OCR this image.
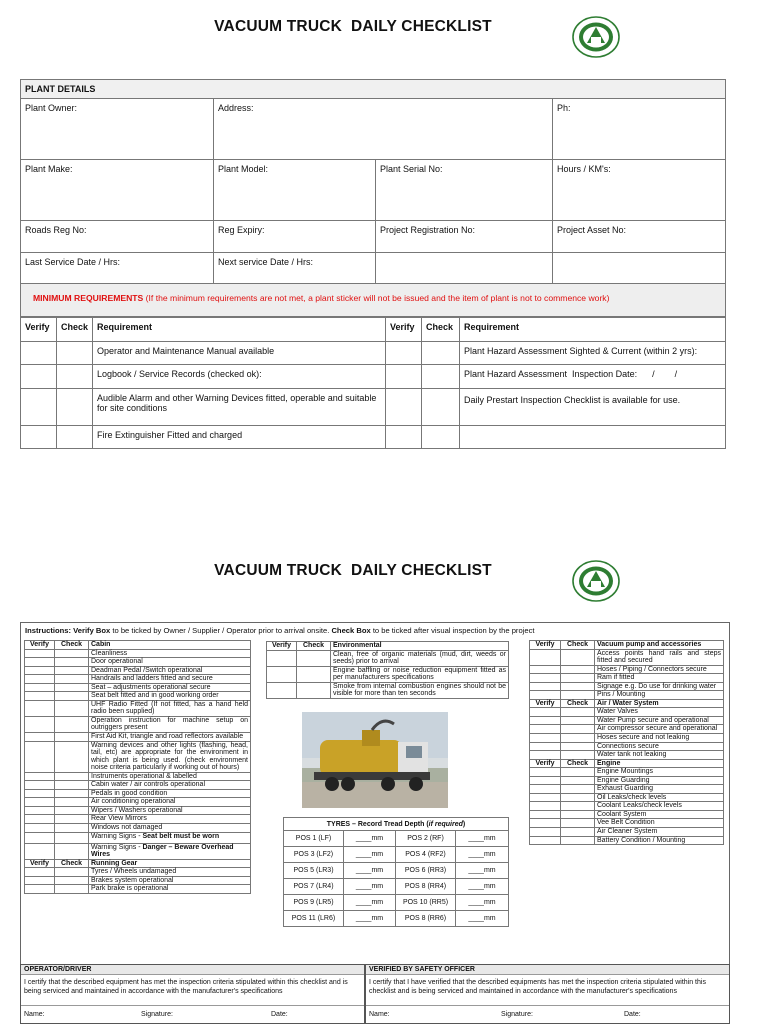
VACUUM TRUCK  DAILY CHECKLIST
PLANT DETAILS			
Plant Owner:	Address:		Ph:
Plant Make:	Plant Model:	Plant Serial No:	Hours / KM's:
Roads Reg No:	Reg Expiry:	Project Registration No:	Project Asset No:
Last Service Date / Hrs:	Next service Date / Hrs:		
MINIMUM REQUIREMENTS (If the minimum requirements are not met, a plant sticker will not be issued and the item of plant is not to commence work)			
Verify	Check	Requirement	Verify	Check	Requirement
		Operator and Maintenance Manual available			Plant Hazard Assessment Sighted & Current (within 2 yrs):
		Logbook / Service Records (checked ok):			Plant Hazard Assessment  Inspection Date:      /        /
		Audible Alarm and other Warning Devices fitted, operable and suitable for site conditions			Daily Prestart Inspection Checklist is available for use.
		Fire Extinguisher Fitted and charged			
VACUUM TRUCK  DAILY CHECKLIST
Instructions: Verify Box to be ticked by Owner / Supplier / Operator prior to arrival onsite. Check Box to be ticked after visual inspection by the project
Verify	Check	Cabin
		Cleanliness
		Door operational
		Deadman Pedal /Switch operational
		Handrails and ladders fitted and secure
		Seat – adjustments operational secure
		Seat belt fitted and in good working order
		UHF Radio Fitted (If not fitted, has a hand held radio been supplied)
		Operation instruction for machine setup on outriggers present
		First Aid Kit, triangle and road reflectors available
		Warning devices and other lights (flashing, head, tail, etc) are appropriate for the environment in which plant is being used. (check environment noise criteria particularly if working out of hours)
		Instruments operational & labelled
		Cabin water / air controls operational
		Pedals in good condition
		Air conditioning operational
		Wipers / Washers operational
		Rear View Mirrors
		Windows not damaged
		Warning Signs - Seat belt must be worn
		Warning Signs - Danger – Beware Overhead Wires
Verify	Check	Running Gear
		Tyres / Wheels undamaged
		Brakes system operational
		Park brake is operational
Verify	Check	Environmental
		Clean, free of organic materials (mud, dirt, weeds or seeds) prior to arrival
		Engine baffling or noise reduction equipment fitted as per manufacturers specifications
		Smoke from internal combustion engines should not be visible for more than ten seconds
TYRES – Record Tread Depth (if required)			
POS 1 (LF)	____mm	POS 2 (RF)	____mm
POS 3 (LF2)	____mm	POS 4 (RF2)	____mm
POS 5 (LR3)	____mm	POS 6 (RR3)	____mm
POS 7 (LR4)	____mm	POS 8 (RR4)	____mm
POS 9 (LR5)	____mm	POS 10 (RR5)	____mm
POS 11 (LR6)	____mm	POS 8 (RR6)	____mm
Verify	Check	Vacuum pump and accessories
		Access points hand rails and steps fitted and secured
		Hoses / Piping / Connectors secure
		Ram if fitted
		Signage e.g. Do use for drinking water
		Pins / Mounting
Verify	Check	Air / Water System
		Water Valves
		Water Pump secure and operational
		Air compressor secure and operational
		Hoses secure and not leaking
		Connections secure
		Water tank not leaking
Verify	Check	Engine
		Engine Mountings
		Engine Guarding
		Exhaust Guarding
		Oil Leaks/check levels
		Coolant Leaks/check levels
		Coolant System
		Vee Belt Condition
		Air Cleaner System
		Battery Condition / Mounting
OPERATOR/DRIVER
I certify that the described equipment has met the inspection criteria stipulated within this checklist and is being serviced and maintained in accordance with the manufacturer's specifications
Name:	Signature:	Date:
VERIFIED BY SAFETY OFFICER
I certify that I have verified that the described equipments has met the inspection criteria stipulated within this checklist and is being serviced and maintained in accordance with the manufacturer's specifications
Name:	Signature:	Date:
